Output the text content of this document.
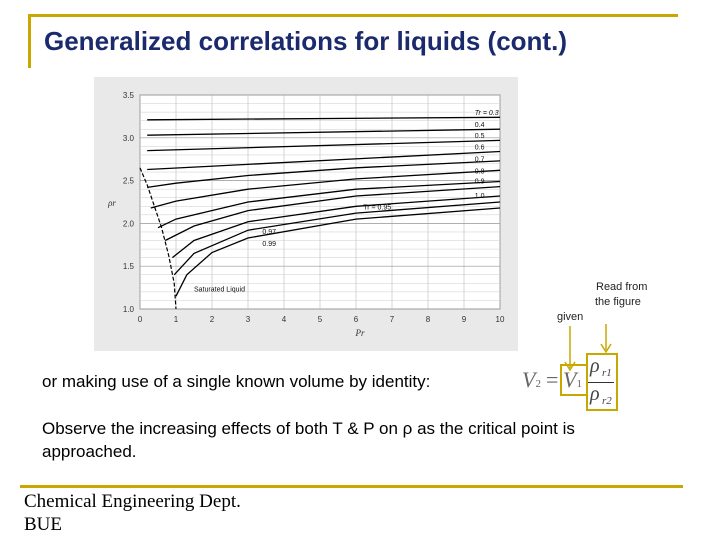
Generalized correlations for liquids (cont.)
0	1	2	3	4	5	6	7	8	9	10
1.0
1.5
2.0
2.5
3.0
3.5
Pr
ρr
Tr = 0.3
0.4
0.5
0.6
0.7
0.8
0.9
1.0
Tr = 0.95
0.97
0.99
Saturated Liquid
given
Read from
the figure
or making use of a single known volume by identity:	V2 = V1
ρ r1
ρ r2
Observe the increasing effects of both T & P on ρ as the critical point is
approached.
Chemical Engineering Dept.
BUE
